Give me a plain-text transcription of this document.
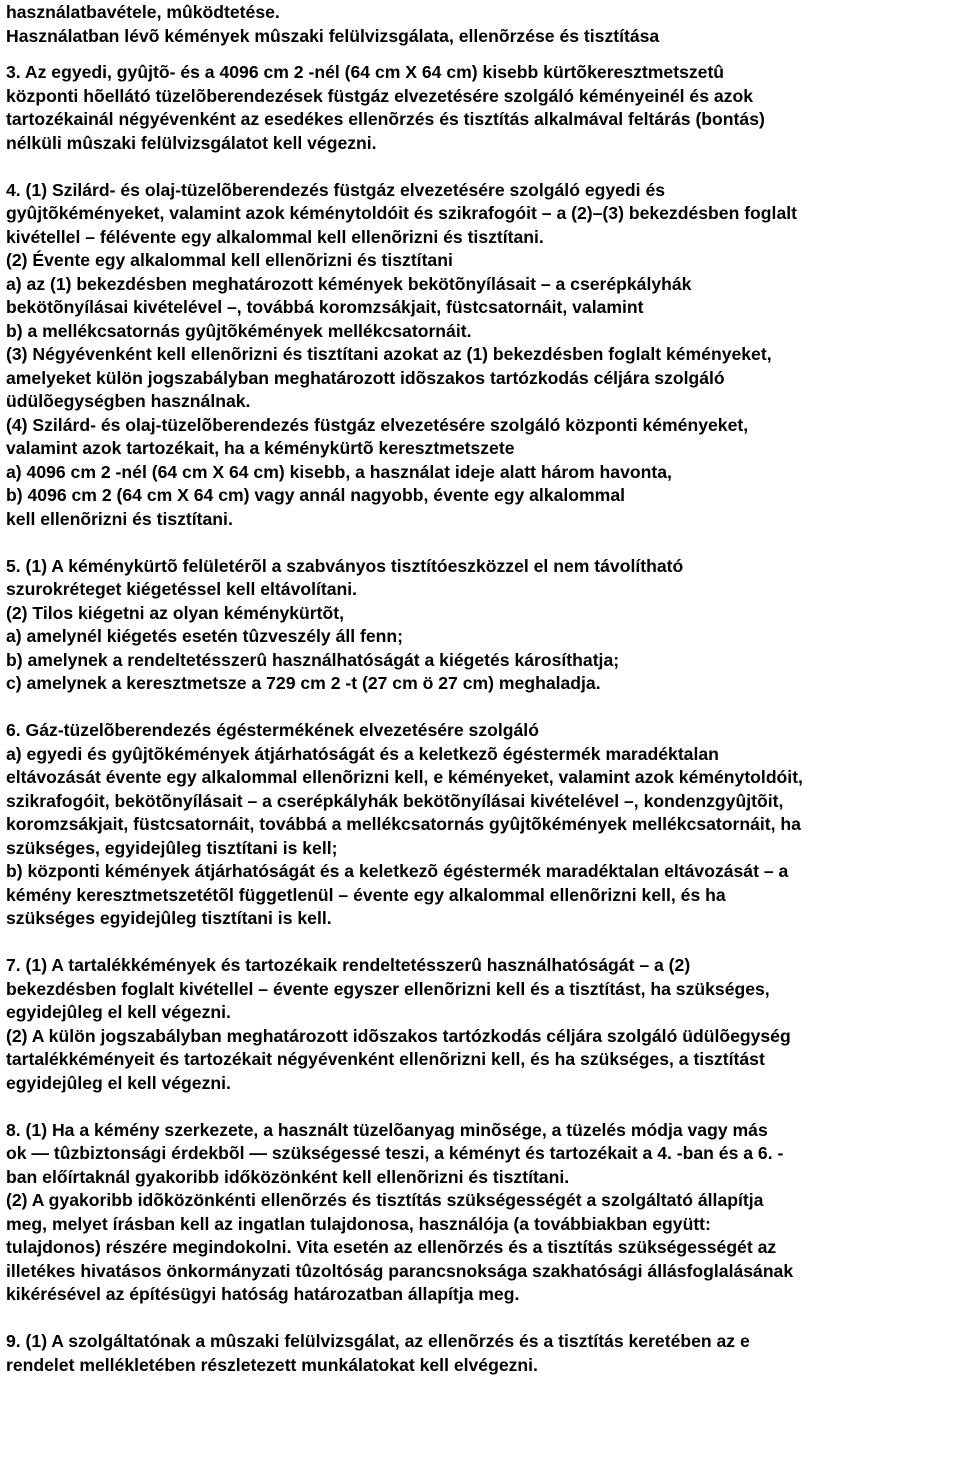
használatbavétele, mûködtetése.
Használatban lévõ kémények mûszaki felülvizsgálata, ellenõrzése és tisztítása
3. Az egyedi, gyûjtõ- és a 4096 cm 2 -nél (64 cm X 64 cm) kisebb kürtõkeresztmetszetû
központi hõellátó tüzelõberendezések füstgáz elvezetésére szolgáló kéményeinél és azok
tartozékainál négyévenként az esedékes ellenõrzés és tisztítás alkalmával feltárás (bontás)
nélküli mûszaki felülvizsgálatot kell végezni.
4. (1) Szilárd- és olaj-tüzelõberendezés füstgáz elvezetésére szolgáló egyedi és
gyûjtõkéményeket, valamint azok kéménytoldóit és szikrafogóit – a (2)–(3) bekezdésben foglalt
kivétellel – félévente egy alkalommal kell ellenõrizni és tisztítani.
(2) Évente egy alkalommal kell ellenõrizni és tisztítani
a) az (1) bekezdésben meghatározott kémények bekötõnyílásait – a cserépkályhák
bekötõnyílásai kivételével –, továbbá koromzsákjait, füstcsatornáit, valamint
b) a mellékcsatornás gyûjtõkémények mellékcsatornáit.
(3) Négyévenként kell ellenõrizni és tisztítani azokat az (1) bekezdésben foglalt kéményeket,
amelyeket külön jogszabályban meghatározott idõszakos tartózkodás céljára szolgáló
üdülõegységben használnak.
(4) Szilárd- és olaj-tüzelõberendezés füstgáz elvezetésére szolgáló központi kéményeket,
valamint azok tartozékait, ha a kéménykürtõ keresztmetszete
a) 4096 cm 2 -nél (64 cm X 64 cm) kisebb, a használat ideje alatt három havonta,
b) 4096 cm 2 (64 cm X 64 cm) vagy annál nagyobb, évente egy alkalommal
kell ellenõrizni és tisztítani.
5. (1) A kéménykürtõ felületérõl a szabványos tisztítóeszközzel el nem távolítható
szurokréteget kiégetéssel kell eltávolítani.
(2) Tilos kiégetni az olyan kéménykürtõt,
a) amelynél kiégetés esetén tûzveszély áll fenn;
b) amelynek a rendeltetésszerû használhatóságát a kiégetés károsíthatja;
c) amelynek a keresztmetsze a 729 cm 2 -t (27 cm ö 27 cm) meghaladja.
6. Gáz-tüzelõberendezés égéstermékének elvezetésére szolgáló
a) egyedi és gyûjtõkémények átjárhatóságát és a keletkezõ égéstermék maradéktalan
eltávozását évente egy alkalommal ellenõrizni kell, e kéményeket, valamint azok kéménytoldóit,
szikrafogóit, bekötõnyílásait – a cserépkályhák bekötõnyílásai kivételével –, kondenzgyûjtõit,
koromzsákjait, füstcsatornáit, továbbá a mellékcsatornás gyûjtõkémények mellékcsatornáit, ha
szükséges, egyidejûleg tisztítani is kell;
b) központi kémények átjárhatóságát és a keletkezõ égéstermék maradéktalan eltávozását – a
kémény keresztmetszetétõl függetlenül – évente egy alkalommal ellenõrizni kell, és ha
szükséges egyidejûleg tisztítani is kell.
7. (1) A tartalékkémények és tartozékaik rendeltetésszerû használhatóságát – a (2)
bekezdésben foglalt kivétellel – évente egyszer ellenõrizni kell és a tisztítást, ha szükséges,
egyidejûleg el kell végezni.
(2) A külön jogszabályban meghatározott idõszakos tartózkodás céljára szolgáló üdülõegység
tartalékkéményeit és tartozékait négyévenként ellenõrizni kell, és ha szükséges, a tisztítást
egyidejûleg el kell végezni.
8. (1) Ha a kémény szerkezete, a használt tüzelõanyag minõsége, a tüzelés módja vagy más
ok — tûzbiztonsági érdekbõl — szükségessé teszi, a kéményt és tartozékait a 4. -ban és a 6. -
ban előírtaknál gyakoribb időközönként kell ellenõrizni és tisztítani.
(2) A gyakoribb idõközönkénti ellenõrzés és tisztítás szükségességét a szolgáltató állapítja
meg, melyet írásban kell az ingatlan tulajdonosa, használója (a továbbiakban együtt:
tulajdonos) részére megindokolni. Vita esetén az ellenõrzés és a tisztítás szükségességét az
illetékes hivatásos önkormányzati tûzoltóság parancsnoksága szakhatósági állásfoglalásának
kikérésével az építésügyi hatóság határozatban állapítja meg.
9. (1) A szolgáltatónak a mûszaki felülvizsgálat, az ellenõrzés és a tisztítás keretében az e
rendelet mellékletében részletezett munkálatokat kell elvégezni.
